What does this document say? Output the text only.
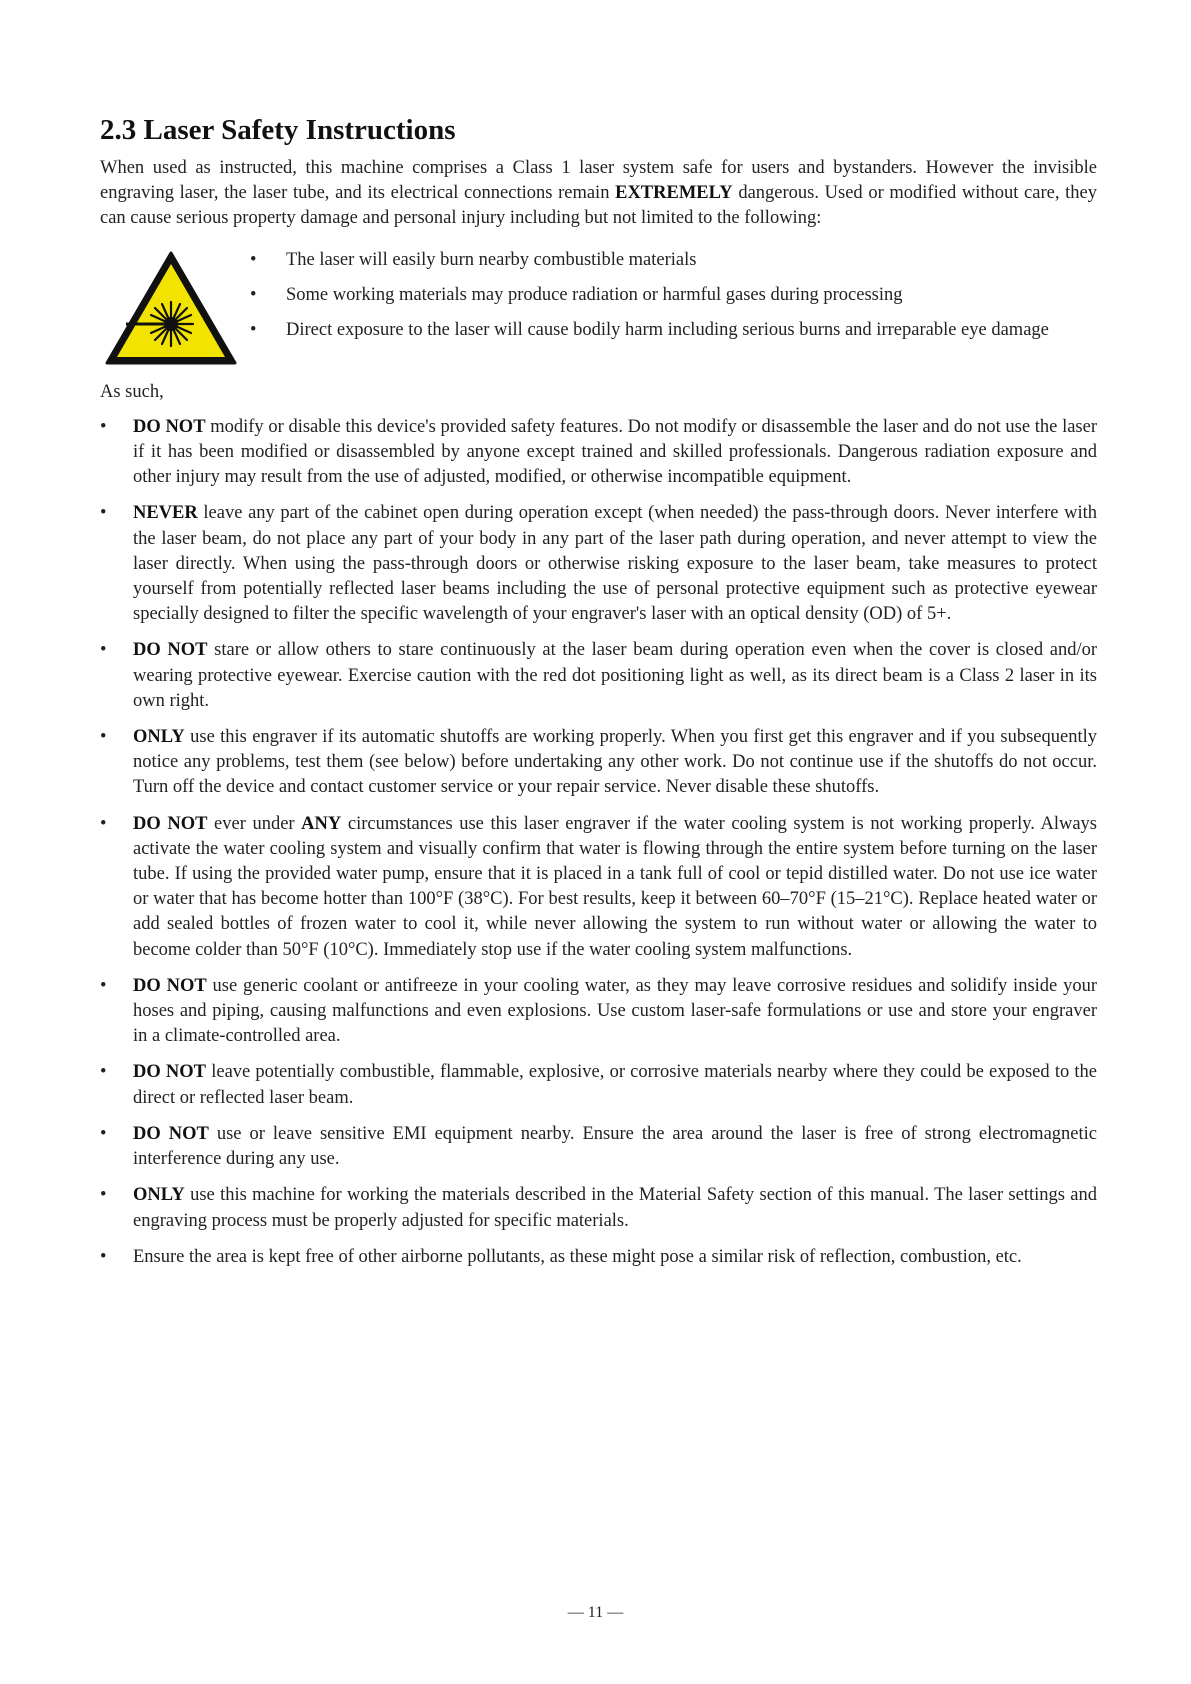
2.3 Laser Safety Instructions

When used as instructed, this machine comprises a Class 1 laser system safe for users and bystanders. However the invisible engraving laser, the laser tube, and its electrical connections remain EXTREMELY dangerous. Used or modified without care, they can cause serious property damage and personal injury including but not limited to the following:

• The laser will easily burn nearby combustible materials
• Some working materials may produce radiation or harmful gases during processing
• Direct exposure to the laser will cause bodily harm including serious burns and irreparable eye damage

As such,

• DO NOT modify or disable this device's provided safety features. Do not modify or disassemble the laser and do not use the laser if it has been modified or disassembled by anyone except trained and skilled professionals. Dangerous radiation exposure and other injury may result from the use of adjusted, modified, or otherwise incompatible equipment.
• NEVER leave any part of the cabinet open during operation except (when needed) the pass-through doors. Never interfere with the laser beam, do not place any part of your body in any part of the laser path during operation, and never attempt to view the laser directly. When using the pass-through doors or otherwise risking exposure to the laser beam, take measures to protect yourself from potentially reflected laser beams including the use of personal protective equipment such as protective eyewear specially designed to filter the specific wavelength of your engraver's laser with an optical density (OD) of 5+.
• DO NOT stare or allow others to stare continuously at the laser beam during operation even when the cover is closed and/or wearing protective eyewear. Exercise caution with the red dot positioning light as well, as its direct beam is a Class 2 laser in its own right.
• ONLY use this engraver if its automatic shutoffs are working properly. When you first get this engraver and if you subsequently notice any problems, test them (see below) before undertaking any other work. Do not continue use if the shutoffs do not occur. Turn off the device and contact customer service or your repair service. Never disable these shutoffs.
• DO NOT ever under ANY circumstances use this laser engraver if the water cooling system is not working properly. Always activate the water cooling system and visually confirm that water is flowing through the entire system before turning on the laser tube. If using the provided water pump, ensure that it is placed in a tank full of cool or tepid distilled water. Do not use ice water or water that has become hotter than 100°F (38°C). For best results, keep it between 60–70°F (15–21°C). Replace heated water or add sealed bottles of frozen water to cool it, while never allowing the system to run without water or allowing the water to become colder than 50°F (10°C). Immediately stop use if the water cooling system malfunctions.
• DO NOT use generic coolant or antifreeze in your cooling water, as they may leave corrosive residues and solidify inside your hoses and piping, causing malfunctions and even explosions. Use custom laser-safe formulations or use and store your engraver in a climate-controlled area.
• DO NOT leave potentially combustible, flammable, explosive, or corrosive materials nearby where they could be exposed to the direct or reflected laser beam.
• DO NOT use or leave sensitive EMI equipment nearby. Ensure the area around the laser is free of strong electromagnetic interference during any use.
• ONLY use this machine for working the materials described in the Material Safety section of this manual. The laser settings and engraving process must be properly adjusted for specific materials.
• Ensure the area is kept free of other airborne pollutants, as these might pose a similar risk of reflection, combustion, etc.
— 11 —
